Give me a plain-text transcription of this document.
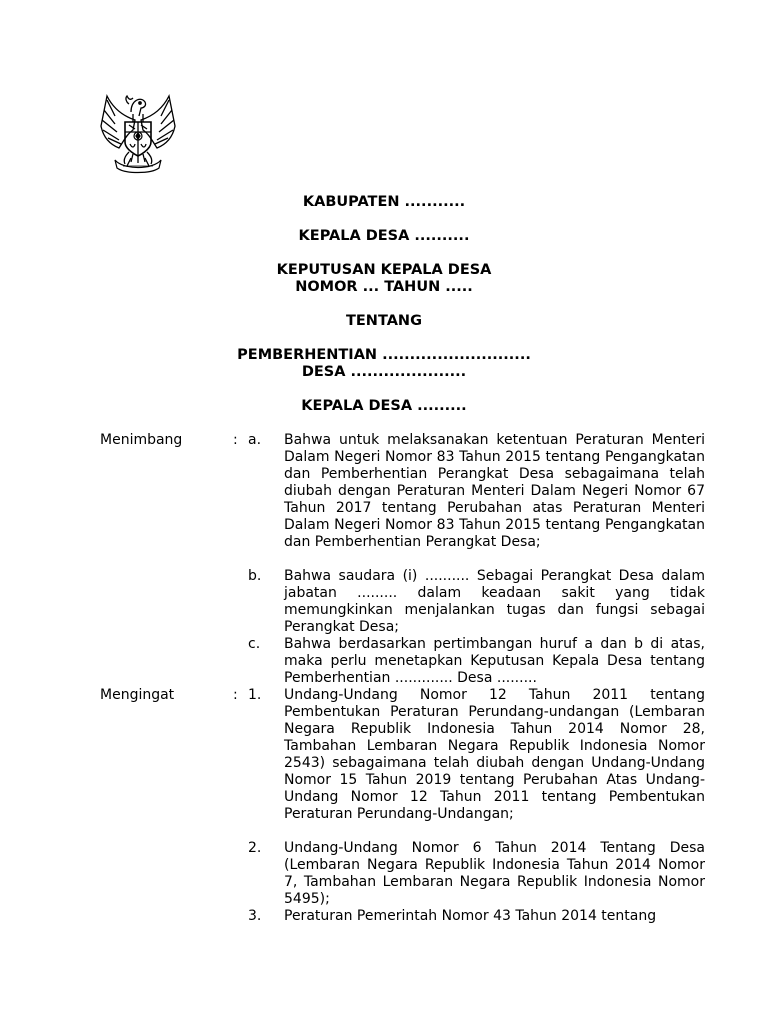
KABUPATEN ...........
KEPALA DESA ..........
KEPUTUSAN KEPALA DESA
NOMOR ... TAHUN .....
TENTANG
PEMBERHENTIAN ...........................
DESA .....................
KEPALA DESA .........
Menimbang	: a. Bahwa untuk melaksanakan ketentuan Peraturan Menteri Dalam Negeri Nomor 83 Tahun 2015 tentang Pengangkatan dan Pemberhentian Perangkat Desa sebagaimana telah diubah dengan Peraturan Menteri Dalam Negeri Nomor 67 Tahun 2017 tentang Perubahan atas Peraturan Menteri Dalam Negeri Nomor 83 Tahun 2015 tentang Pengangkatan dan Pemberhentian Perangkat Desa;
b. Bahwa saudara (i) .......... Sebagai Perangkat Desa dalam jabatan ......... dalam keadaan sakit yang tidak memungkinkan menjalankan tugas dan fungsi sebagai Perangkat Desa;
c. Bahwa berdasarkan pertimbangan huruf a dan b di atas, maka perlu menetapkan Keputusan Kepala Desa tentang Pemberhentian ............. Desa .........
Mengingat	: 1. Undang-Undang Nomor 12 Tahun 2011 tentang Pembentukan Peraturan Perundang-undangan (Lembaran Negara Republik Indonesia Tahun 2014 Nomor 28, Tambahan Lembaran Negara Republik Indonesia Nomor 2543) sebagaimana telah diubah dengan Undang-Undang Nomor 15 Tahun 2019 tentang Perubahan Atas Undang-Undang Nomor 12 Tahun 2011 tentang Pembentukan Peraturan Perundang-Undangan;
2. Undang-Undang Nomor 6 Tahun 2014 Tentang Desa (Lembaran Negara Republik Indonesia Tahun 2014 Nomor 7, Tambahan Lembaran Negara Republik Indonesia Nomor 5495);
3. Peraturan Pemerintah Nomor 43 Tahun 2014 tentang
